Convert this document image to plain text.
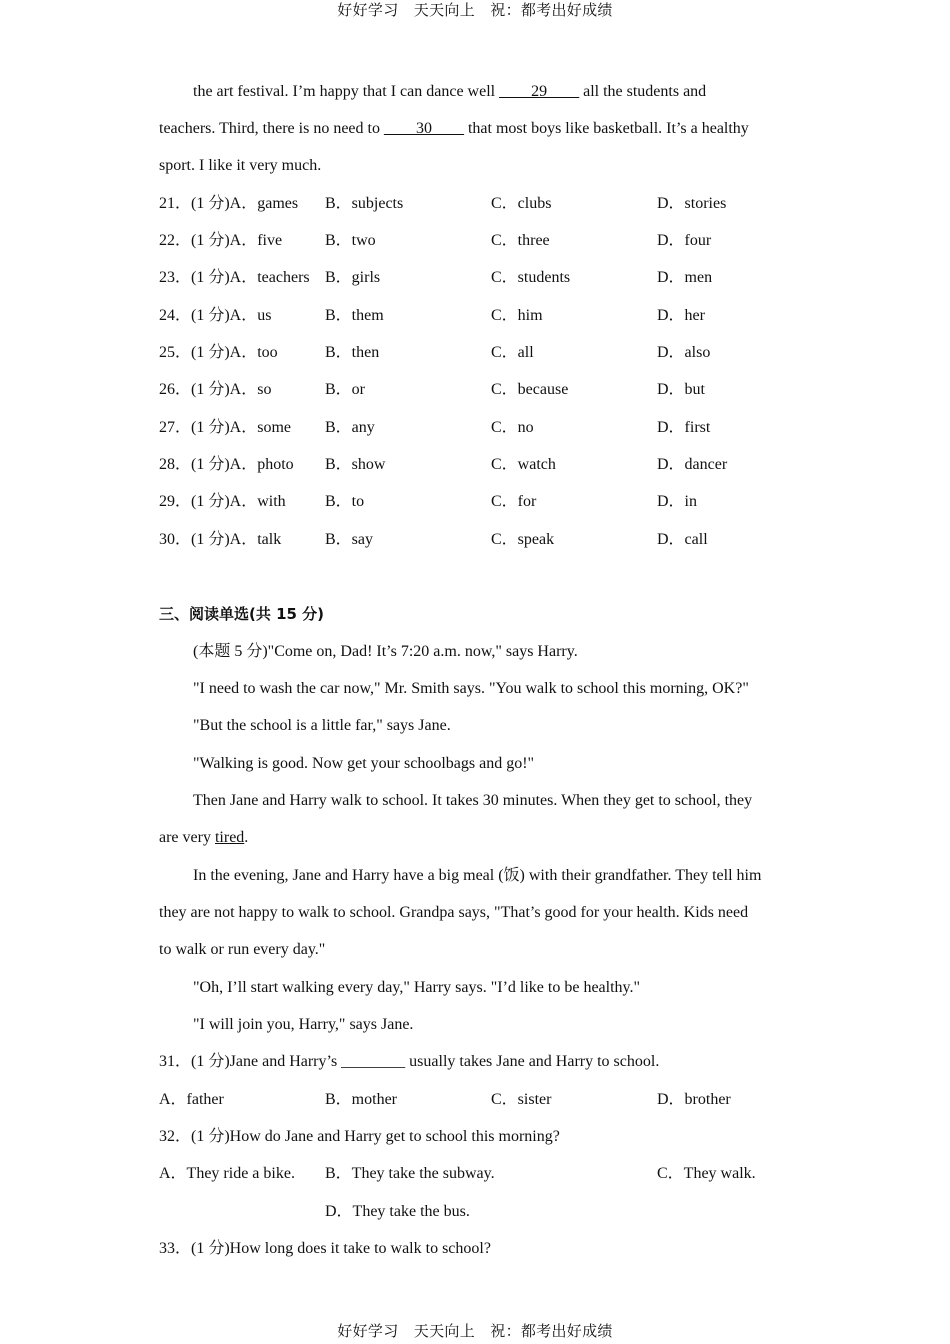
好好学习　天天向上　祝：都考出好成绩
the art festival. I’m happy that I can dance well ____29____ all the students and
teachers. Third, there is no need to ____30____ that most boys like basketball. It’s a healthy
sport. I like it very much.
21．(1 分)A．games B．subjects	C．clubs	D．stories
22．(1 分)A．five	B．two	C．three	D．four
23．(1 分)A．teachers B．girls	C．students	D．men
24．(1 分)A．us	B．them	C．him	D．her
25．(1 分)A．too	B．then	C．all	D．also
26．(1 分)A．so	B．or	C．because	D．but
27．(1 分)A．some B．any	C．no	D．first
28．(1 分)A．photo B．show	C．watch	D．dancer
29．(1 分)A．with B．to	C．for	D．in
30．(1 分)A．talk	B．say	C．speak	D．call
三、阅读单选(共 15 分)
(本题 5 分)"Come on, Dad! It’s 7:20 a.m. now," says Harry.
"I need to wash the car now," Mr. Smith says. "You walk to school this morning, OK?"
"But the school is a little far," says Jane.
"Walking is good. Now get your schoolbags and go!"
Then Jane and Harry walk to school. It takes 30 minutes. When they get to school, they
are very tired.
In the evening, Jane and Harry have a big meal (饭) with their grandfather. They tell him
they are not happy to walk to school. Grandpa says, "That’s good for your health. Kids need
to walk or run every day."
"Oh, I’ll start walking every day," Harry says. "I’d like to be healthy."
"I will join you, Harry," says Jane.
31．(1 分)Jane and Harry’s ________ usually takes Jane and Harry to school.
A．father	B．mother	C．sister	D．brother
32．(1 分)How do Jane and Harry get to school this morning?
A．They ride a bike. B．They take the subway.	C．They walk.
D．They take the bus.
33．(1 分)How long does it take to walk to school?
好好学习　天天向上　祝：都考出好成绩
